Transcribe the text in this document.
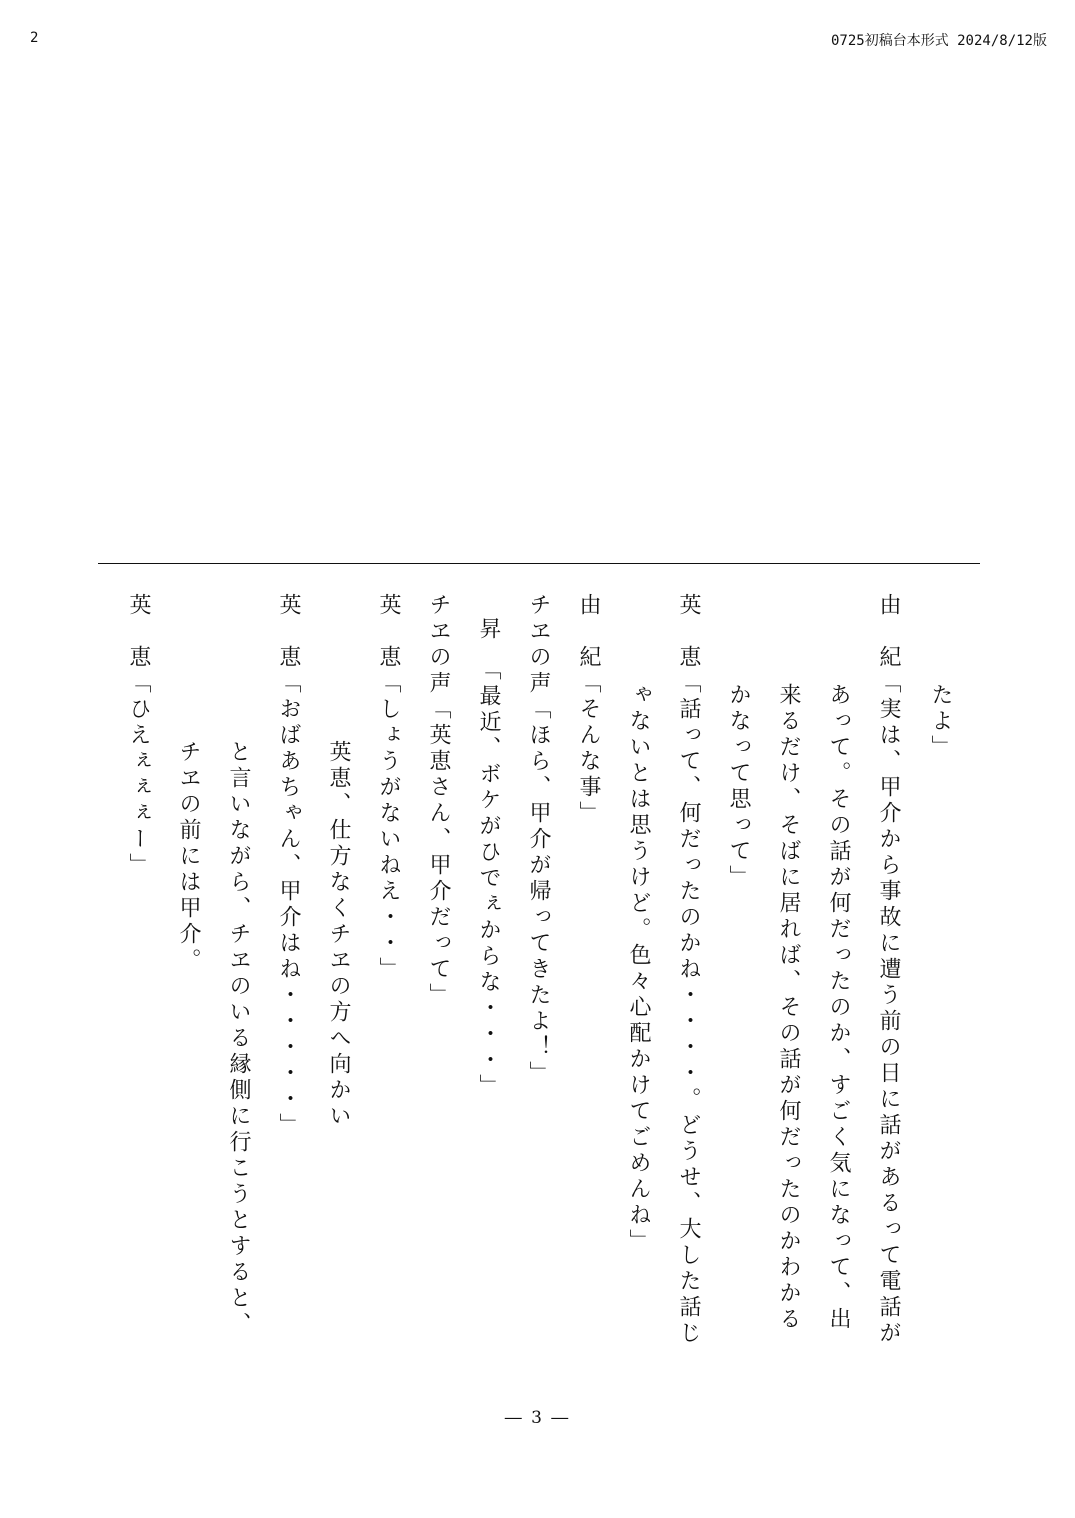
2	0725初稿台本形式 2024/8/12版
たよ」
由　紀「実は、甲介から事故に遭う前の日に話があるって電話が
あって。その話が何だったのか、すごく気になって、出
来るだけ、そばに居れば、その話が何だったのかわかる
かなって思って」
英　恵「話って、何だったのかね・・・・。どうせ、大した話じ
ゃないとは思うけど。色々心配かけてごめんね」
由　紀「そんな事」
チヱの声「ほら、甲介が帰ってきたよ！」
昇　「最近、ボケがひでぇからな・・・」
チヱの声「英恵さん、甲介だって」
英　恵「しょうがないねえ・・」
英恵、仕方なくチヱの方へ向かい
英　恵「おばあちゃん、甲介はね・・・・・」
と言いながら、チヱのいる縁側に行こうとすると、
チヱの前には甲介。
英　恵「ひえぇぇぇー」
― 3 ―
